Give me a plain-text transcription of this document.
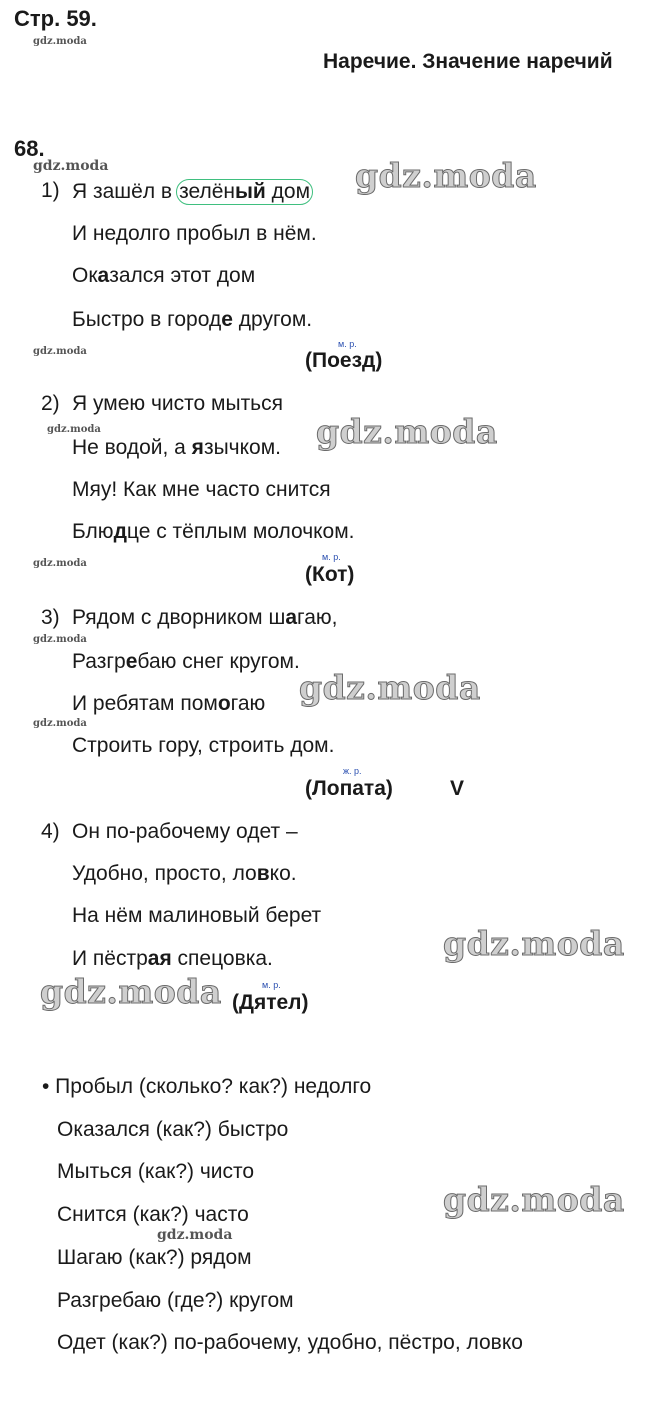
Стр. 59.
gdz.moda
Наречие. Значение наречий
68.
gdz.moda
1) Я зашёл в зелёный дом gdz.moda
И недолго пробыл в нём.
Оказался этот дом
Быстро в городе другом.
gdz.moda
м. р.
(Поезд)
2) Я умею чисто мыться
gdz.moda
Не водой, а язычком. gdz.moda
Мяу! Как мне часто снится
Блюдце с тёплым молочком.
gdz.moda
м. р.
(Кот)
3) Рядом с дворником шагаю,
gdz.moda
Разгребаю снег кругом.
И ребятам помогаю gdz.moda
gdz.moda
Строить гору, строить дом.
ж. р.
(Лопата)	V
4) Он по-рабочему одет –
Удобно, просто, ловко.
На нём малиновый берет
И пёстрая спецовка.	gdz.moda
gdz.moda	м. р.
(Дятел)
• Пробыл (сколько? как?) недолго
Оказался (как?) быстро
Мыться (как?) чисто
Снится (как?) часто	gdz.moda
gdz.moda
Шагаю (как?) рядом
Разгребаю (где?) кругом
Одет (как?) по-рабочему, удобно, пёстро, ловко
